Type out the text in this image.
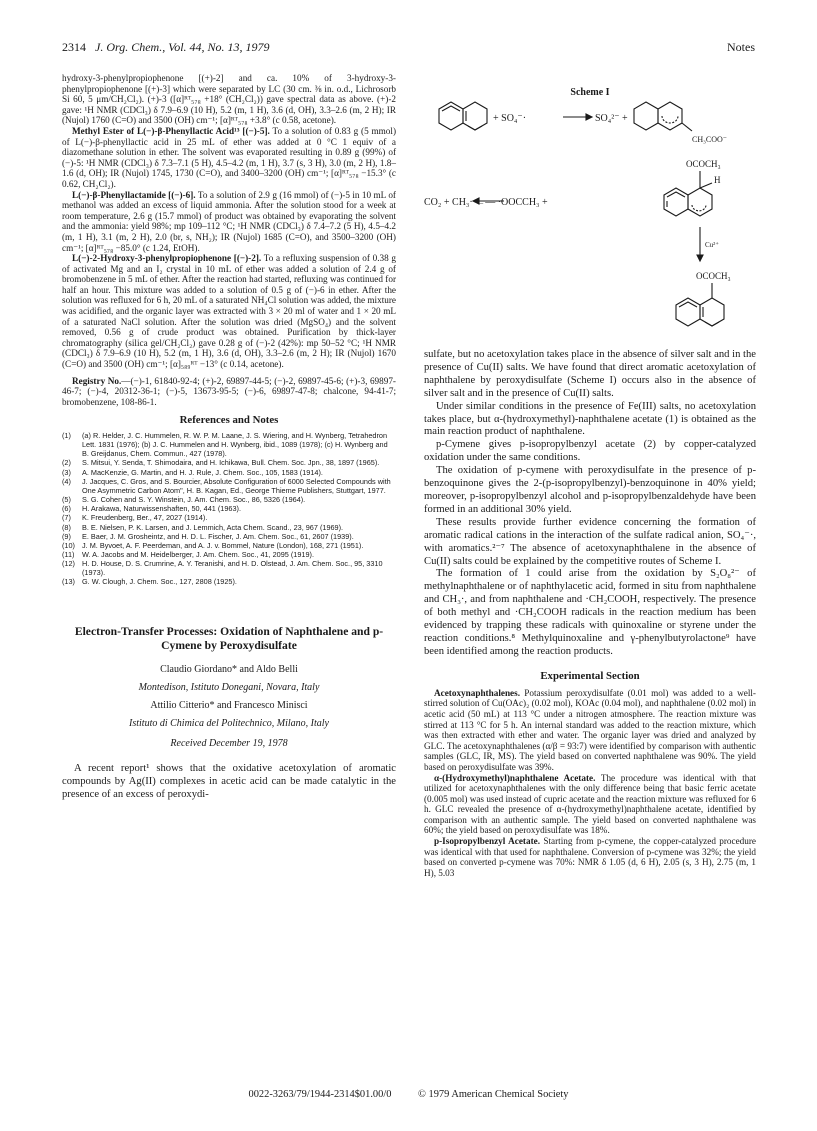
2314 J. Org. Chem., Vol. 44, No. 13, 1979	Notes

hydroxy-3-phenylpropiophenone [(+)-2] and ca. 10% of 3-hydroxy-3-phenylpropiophenone [(+)-3] which were separated by LC (30 cm. ⅜ in. o.d., Lichrosorb Si 60, 5 μm/CH₂Cl₂). (+)-3 ([α]ᴿᵀ₅₇₈ +18° (CH₂Cl₂)) gave spectral data as above. (+)-2 gave: ¹H NMR (CDCl₃) δ 7.9–6.9 (10 H), 5.2 (m, 1 H), 3.6 (d, OH), 3.3–2.6 (m, 2 H); IR (Nujol) 1760 (C=O) and 3500 (OH) cm⁻¹; [α]ᴿᵀ₅₇₈ +3.8° (c 0.58, acetone).

Methyl Ester of L(−)-β-Phenyllactic Acid¹³ [(−)-5]. To a solution of 0.83 g (5 mmol) of L(−)-β-phenyllactic acid in 25 mL of ether was added at 0 °C 1 equiv of a diazomethane solution in ether. The solvent was evaporated resulting in 0.89 g (99%) of (−)-5: ¹H NMR (CDCl₃) δ 7.3–7.1 (5 H), 4.5–4.2 (m, 1 H), 3.7 (s, 3 H), 3.0 (m, 2 H), 1.8–1.6 (d, OH); IR (Nujol) 1745, 1730 (C=O), and 3400–3200 (OH) cm⁻¹; [α]ᴿᵀ₅₇₈ −15.3° (c 0.62, CH₂Cl₂).

L(−)-β-Phenyllactamide [(−)-6]. To a solution of 2.9 g (16 mmol) of (−)-5 in 10 mL of methanol was added an excess of liquid ammonia. After the solution stood for a week at room temperature, 2.6 g (15.7 mmol) of product was obtained by evaporating the solvent and the ammonia: yield 98%; mp 109–112 °C; ¹H NMR (CDCl₃) δ 7.4–7.2 (5 H), 4.5–4.2 (m, 1 H), 3.1 (m, 2 H), 2.0 (br, s, NH₂); IR (Nujol) 1685 (C=O), and 3500–3200 (OH) cm⁻¹; [α]ᴿᵀ₅₇₈ −85.0° (c 1.24, EtOH).

L(−)-2-Hydroxy-3-phenylpropiophenone [(−)-2]. To a refluxing suspension of 0.38 g of activated Mg and an I₂ crystal in 10 mL of ether was added a solution of 2.4 g of bromobenzene in 5 mL of ether. After the reaction had started, refluxing was continued for half an hour. This mixture was added to a solution of 0.5 g of (−)-6 in ether. After the solution was refluxed for 6 h, 20 mL of a saturated NH₄Cl solution was added, the mixture was acidified, and the organic layer was extracted with 3 × 20 ml of water and 1 × 20 mL of a saturated NaCl solution. After the solution was dried (MgSO₄) and the solvent removed, 0.56 g of crude product was obtained. Purification by thick-layer chromatography (silica gel/CH₂Cl₂) gave 0.28 g of (−)-2 (42%): mp 50–52 °C; ¹H NMR (CDCl₃) δ 7.9–6.9 (10 H), 5.2 (m, 1 H), 3.6 (d, OH), 3.3–2.6 (m, 2 H); IR (Nujol) 1670 (C=O) and 3500 (OH) cm⁻¹; [α]₅₈₉ᴿᵀ −13° (c 0.14, acetone).

Registry No.—(−)-1, 61840-92-4; (+)-2, 69897-44-5; (−)-2, 69897-45-6; (+)-3, 69897-46-7; (−)-4, 20312-36-1; (−)-5, 13673-95-5; (−)-6, 69897-47-8; chalcone, 94-41-7; bromobenzene, 108-86-1.

References and Notes
(1)	(a) R. Helder, J. C. Hummelen, R. W. P. M. Laane, J. S. Wiering, and H. Wynberg, Tetrahedron Lett. 1831 (1976); (b) J. C. Hummelen and H. Wynberg, ibid., 1089 (1978); (c) H. Wynberg and B. Greijdanus, Chem. Commun., 427 (1978).
(2)	S. Mitsui, Y. Senda, T. Shimodaira, and H. Ichikawa, Bull. Chem. Soc. Jpn., 38, 1897 (1965).
(3)	A. MacKenzie, G. Martin, and H. J. Rule, J. Chem. Soc., 105, 1583 (1914).
(4)	J. Jacques, C. Gros, and S. Bourcier, Absolute Configuration of 6000 Selected Compounds with One Asymmetric Carbon Atom", H. B. Kagan, Ed., George Thieme Publishers, Stuttgart, 1977.
(5)	S. G. Cohen and S. Y. Winstein, J. Am. Chem. Soc., 86, 5326 (1964).
(6)	H. Arakawa, Naturwissenshaften, 50, 441 (1963).
(7)	K. Freudenberg, Ber., 47, 2027 (1914).
(8)	B. E. Nielsen, P. K. Larsen, and J. Lemmich, Acta Chem. Scand., 23, 967 (1969).
(9)	E. Baer, J. M. Grosheintz, and H. D. L. Fischer, J. Am. Chem. Soc., 61, 2607 (1939).
(10) J. M. Byvoet, A. F. Peerdeman, and A. J. v. Bommel, Nature (London), 168, 271 (1951).
(11)	W. A. Jacobs and M. Heidelberger, J. Am. Chem. Soc., 41, 2095 (1919).
(12) H. D. House, D. S. Crumrine, A. Y. Teranishi, and H. D. Olstead, J. Am. Chem. Soc., 95, 3310 (1973).
(13) G. W. Clough, J. Chem. Soc., 127, 2808 (1925).
Electron-Transfer Processes: Oxidation of Naphthalene and p-Cymene by Peroxydisulfate
Claudio Giordano* and Aldo Belli
Montedison, Istituto Donegani, Novara, Italy
Attilio Citterio* and Francesco Minisci
Istituto di Chimica del Politechnico, Milano, Italy
Received December 19, 1978

A recent report¹ shows that the oxidative acetoxylation of aromatic compounds by Ag(II) complexes in acetic acid can be made catalytic in the presence of an excess of peroxydi-

Scheme I
+ SO₄⁻·	SO₄²⁻ +
CH₃COO⁻
CO₂ + CH₃· ←— ·OOCCH₃ +
OCOCH₃
H
Cu²⁺
OCOCH₃

sulfate, but no acetoxylation takes place in the absence of silver salt and in the presence of Cu(II) salts. We have found that direct aromatic acetoxylation of naphthalene by peroxydisulfate (Scheme I) occurs also in the absence of silver salt and in the presence of Cu(II) salts.

Under similar conditions in the presence of Fe(III) salts, no acetoxylation takes place, but α-(hydroxymethyl)-naphthalene acetate (1) is obtained as the main reaction product of naphthalene.

p-Cymene gives p-isopropylbenzyl acetate (2) by copper-catalyzed oxidation under the same conditions.

The oxidation of p-cymene with peroxydisulfate in the presence of p-benzoquinone gives the 2-(p-isopropylbenzyl)-benzoquinone in 40% yield; moreover, p-isopropylbenzyl alcohol and p-isopropylbenzaldehyde have been formed in an additional 30% yield.

These results provide further evidence concerning the formation of aromatic radical cations in the interaction of the sulfate radical anion, SO₄⁻·, with aromatics.²⁻⁷ The absence of acetoxynaphthalene in the absence of Cu(II) salts could be explained by the competitive routes of Scheme I.

The formation of 1 could arise from the oxidation by S₂O₈²⁻ of methylnaphthalene or of naphthylacetic acid, formed in situ from naphthalene and CH₃·, and from naphthalene and ·CH₂COOH, respectively. The presence of both methyl and ·CH₂COOH radicals in the reaction medium has been evidenced by trapping these radicals with quinoxaline or styrene under the reaction conditions.⁸ Methylquinoxaline and γ-phenylbutyrolactone⁹ have been identified among the reaction products.

Experimental Section

Acetoxynaphthalenes. Potassium peroxydisulfate (0.01 mol) was added to a well-stirred solution of Cu(OAc)₂ (0.02 mol), KOAc (0.04 mol), and naphthalene (0.02 mol) in acetic acid (50 mL) at 113 °C under a nitrogen atmosphere. The reaction mixture was stirred at 113 °C for 5 h. An internal standard was added to the reaction mixture, which was then extracted with ether and water. The organic layer was dried and analyzed by GLC. The acetoxynaphthalenes (α/β = 93:7) were identified by comparison with authentic samples (GLC, IR, MS). The yield based on converted naphthalene was 90%. The yield based on peroxydisulfate was 39%.

α-(Hydroxymethyl)naphthalene Acetate. The procedure was identical with that utilized for acetoxynaphthalenes with the only difference being that basic ferric acetate (0.005 mol) was used instead of cupric acetate and the reaction mixture was refluxed for 6 h. GLC revealed the presence of α-(hydroxymethyl)naphthalene acetate, identified by comparison with an authentic sample. The yield based on converted naphthalene was 60%; the yield based on peroxydisulfate was 18%.

p-Isopropylbenzyl Acetate. Starting from p-cymene, the copper-catalyzed procedure was identical with that used for naphthalene. Conversion of p-cymene was 32%; the yield based on converted p-cymene was 70%: NMR δ 1.05 (d, 6 H), 2.05 (s, 3 H), 2.75 (m, 1 H), 5.03

0022-3263/79/1944-2314$01.00/0	© 1979 American Chemical Society
